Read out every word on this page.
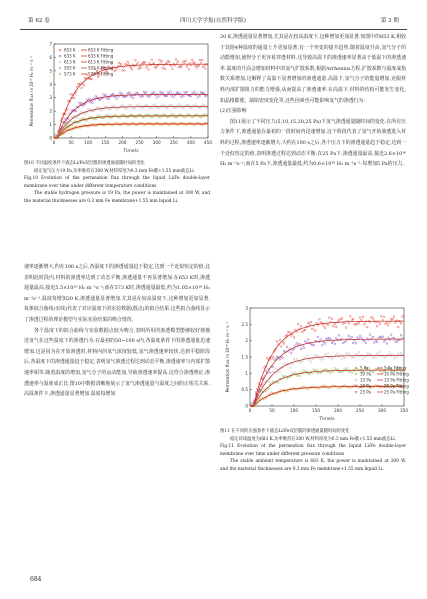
第 62 卷	四川大学学报(自然科学版)	第 3 期
0	50 100 150 200 250 300 350 400 450
0
1
2
3
4
5
6
7
Time/s
Permeation flux /×10¹⁶ H₂ m⁻² s⁻¹
653 K
633 K
613 K
593 K
573 K
653 K Fitting
633 K Fitting
613 K Fitting
593 K Fitting
573 K Fitting

图10 不同温度条件下液态Li/Fe双层膜的渗透通量随时间的变化

稳定氢气压力19 Pa,功率维持在300 W,材料厚度为0.3 mm Fe膜+1.55 mm液态Li.

Fig.10 Evolution of the permeation flux through the liquid Li/Fe double-layer membrane over time under different temperature conditions

The stable hydrogen pressure is 19 Pa, the power is maintained at 300 W, and the material thicknesses are 0.3 mm Fe membrane+1.55 mm liquid Li.

速率逐渐增大,约在100 s之后,各温度下的渗透通量趋于稳定,达到一个近似恒定的值.这表明此时段内,材料的渗透率达到了动态平衡,渗透通量不再显著增加.在653 K时,渗透通量最高,接近5.5×10¹⁶ H₂ m⁻²s⁻¹;而在573 K时,渗透通量最低,约为1.05×10¹⁶ H₂ m⁻²s⁻¹.温度每增加20 K,渗透通量显著增加,尤其是在较高温度下,这种增加更加显著.每条拟合曲线(实线)代表了对应温度下的实验数据(散点)的拟合结果.这些拟合曲线显示了渗透过程的理论模型与实际实验结果的吻合情况.

各个温度下的拟合曲线与实验数据点较为吻合,表明所用的渗透模型能够较好地描述氢气在这些温度下的渗透行为.在最初的50~100 s内,各温度条件下的渗透通量迅速增加.这是因为在开始渗透时,材料内的氢气浓度较低,氢气渗透速率较快.达到平稳阶段后,各温度下的渗透通量趋于稳定,表明氢气渗透过程达到动态平衡,渗透速率与内部扩散速率相等.随着温度的增加,氢气分子的运动能加,导致渗透速率提高.这符合渗透理论,渗透速率与温度成正比.图10中数据清晰地展示了氢气渗透通量与温度之间的正相关关系.高温条件下,渗透通量显著增加.温度每增加

684

20 K,渗透通量显著增加,尤其是在较高温度下,这种增加更加显著.如图中的653 K,相较于其他4种温度的通量上升更加显著,有一个突变的提升趋势.随着温度升高,氢气分子的动能增加,使得分子更容易穿透材料.这导致高温下的渗透速率显著高于低温下的渗透速率.温度的升高会增加材料中的氢气扩散系数,根据Arrhenius方程,扩散系数与温度成指数关系增加,这解释了高温下显著增加的渗透通量.高温下,氢气分子的能量增加,克服材料内部扩散阻力的能力增强,从而提高了渗透速率.在高温下,材料的结构可能发生变化,如晶格膨胀、缺陷密度变化等,这些因素也可能影响氢气的渗透行为.

(2)压强影响

图11展示了不同压力(5,10,15,20,25 Pa)下氢气渗透通量随时间的变化.在所有压力条件下,渗透通量在最初的一段时间内迅速增加.这个阶段代表了氢气开始渗透进入材料的过程,渗透速率逐渐增大.大约在100 s之后,各个压力下的渗透通量趋于稳定,达到一个近似恒定的值,表明渗透过程达到动态平衡.在25 Pa下,渗透通量最高,接近2.6×10¹⁶ H₂ m⁻²s⁻¹;而在5 Pa下,渗透通量最低,约为0.6×10¹⁶ H₂ m⁻²s⁻¹.每增加5 Pa的压力,

0	50	100	150	200	250	300	350
0
0.5
1
1.5
2
2.5
3
Time/s
Permeation flux /×10¹⁶ H₂ m⁻² s⁻¹	5 Pa
10 Pa
15 Pa
20 Pa
25 Pa
5 Pa Fitting
10 Pa Fitting
15 Pa Fitting
20 Pa Fitting
25 Pa Fitting

图11 在不同的压强条件下液态Li/Fe双层膜的渗透通量随时间的变化

稳定环境温度为683 K,功率维持在300 W,材料厚度为0.3 mm Fe膜+1.55 mm液态Li.

Fig.11 Evolution of the permeation flux through the liquid Li/Fe double-layer membrane over time under different pressure conditions

The stable ambient temperature is 683 K, the power is maintained at 300 W, and the material thicknesses are 0.3 mm Fe membrane+1.55 mm liquid Li.
